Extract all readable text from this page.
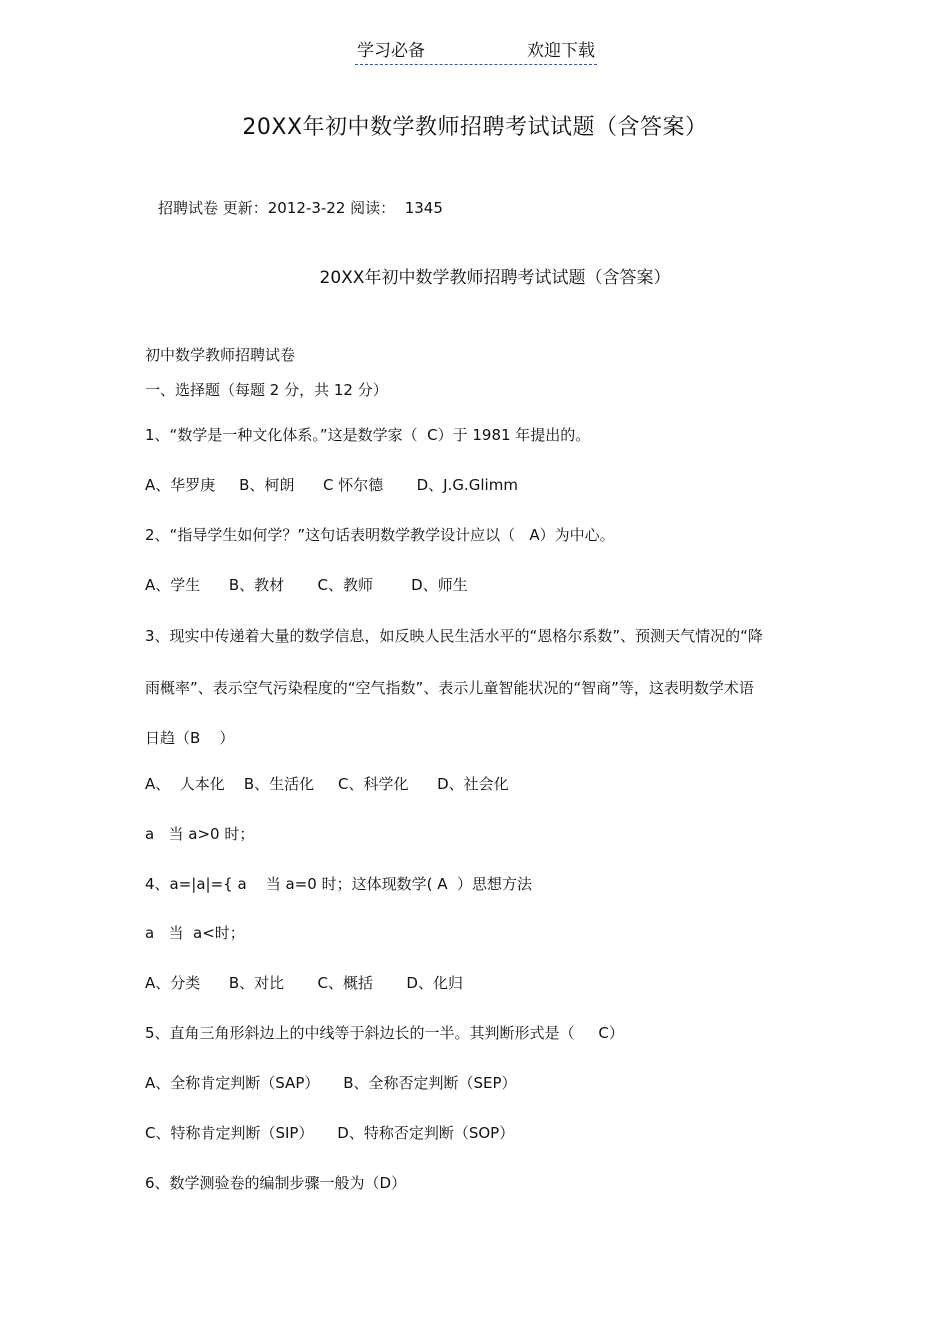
学习必备	欢迎下载
20XX年初中数学教师招聘考试试题（含答案）
招聘试卷 更新：2012-3-22 阅读：  1345
20XX年初中数学教师招聘考试试题（含答案）
初中数学教师招聘试卷
一、选择题（每题 2 分，共 12 分）
1、“数学是一种文化体系。”这是数学家（  C）于 1981 年提出的。
A、华罗庚     B、柯朗      C 怀尔德       D、J.G.Glimm
2、“指导学生如何学？”这句话表明数学教学设计应以（   A）为中心。
A、学生      B、教材       C、教师        D、师生
3、现实中传递着大量的数学信息，如反映人民生活水平的“恩格尔系数”、预测天气情况的“降
雨概率”、表示空气污染程度的“空气指数”、表示儿童智能状况的“智商”等，这表明数学术语
日趋（B    ）
A、  人本化    B、生活化     C、科学化      D、社会化
a   当 a>0 时；
4、a=|a|={ a    当 a=0 时；这体现数学( A  ）思想方法
a   当  a<时；
A、分类      B、对比       C、概括       D、化归
5、直角三角形斜边上的中线等于斜边长的一半。其判断形式是（     C）
A、全称肯定判断（SAP）     B、全称否定判断（SEP）
C、特称肯定判断（SIP）     D、特称否定判断（SOP）
6、数学测验卷的编制步骤一般为（D）
